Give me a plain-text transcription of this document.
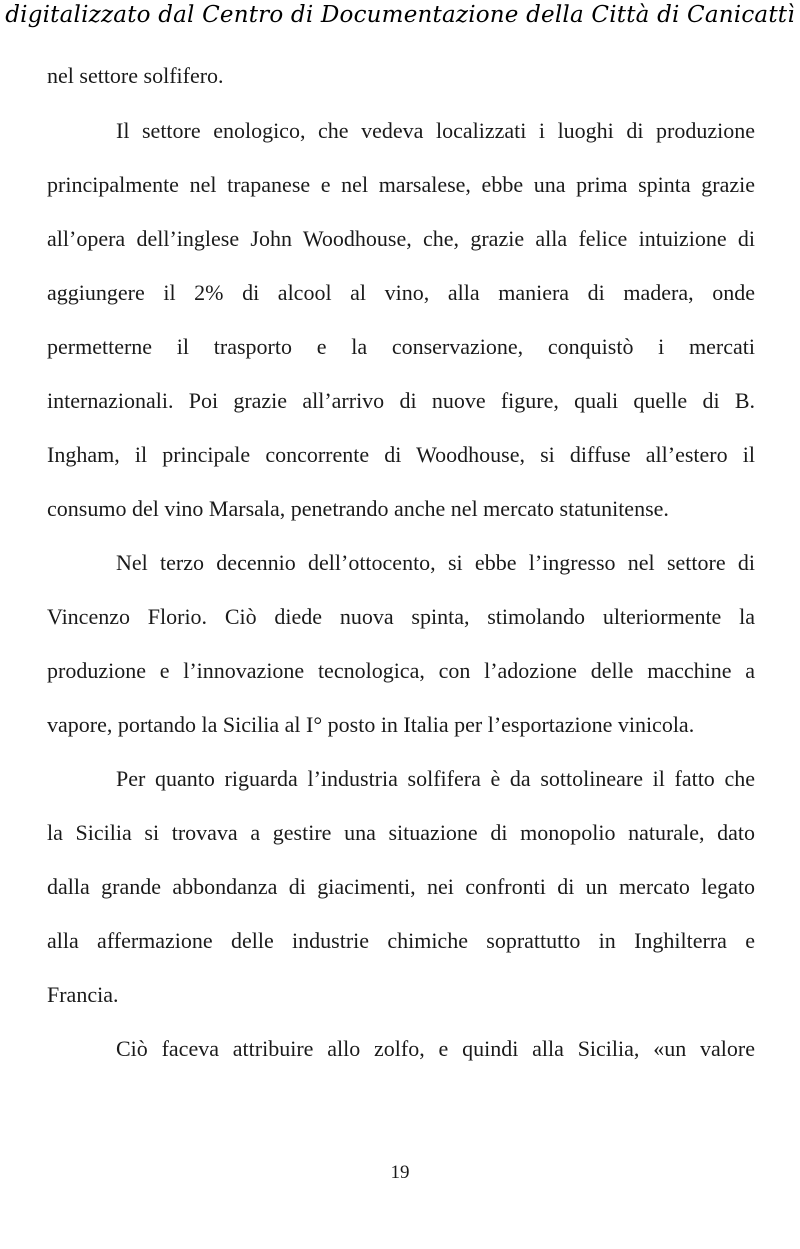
digitalizzato dal Centro di Documentazione della Città di Canicattì
nel settore solfifero.
Il settore enologico, che vedeva localizzati i luoghi di produzione
principalmente nel trapanese e nel marsalese, ebbe una prima spinta grazie
all’opera dell’inglese John Woodhouse, che, grazie alla felice intuizione di
aggiungere il 2% di alcool al vino, alla maniera di madera, onde
permetterne il trasporto e la conservazione, conquistò i mercati
internazionali. Poi grazie all’arrivo di nuove figure, quali quelle di B.
Ingham, il principale concorrente di Woodhouse, si diffuse all’estero il
consumo del vino Marsala, penetrando anche nel mercato statunitense.
Nel terzo decennio dell’ottocento, si ebbe l’ingresso nel settore di
Vincenzo Florio. Ciò diede nuova spinta, stimolando ulteriormente la
produzione e l’innovazione tecnologica, con l’adozione delle macchine a
vapore, portando la Sicilia al I° posto in Italia per l’esportazione vinicola.
Per quanto riguarda l’industria solfifera è da sottolineare il fatto che
la Sicilia si trovava a gestire una situazione di monopolio naturale, dato
dalla grande abbondanza di giacimenti, nei confronti di un mercato legato
alla affermazione delle industrie chimiche soprattutto in Inghilterra e
Francia.
Ciò faceva attribuire allo zolfo, e quindi alla Sicilia, «un valore
19
